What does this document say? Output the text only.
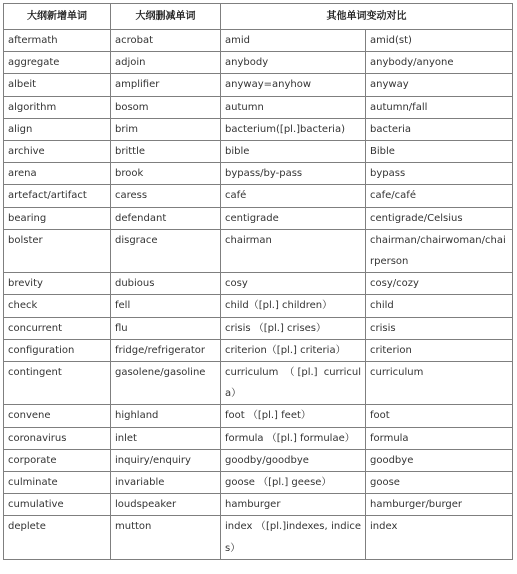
大纲新增单词	大纲删减单词	其他单词变动对比	
aftermath	acrobat	amid	amid(st)
aggregate	adjoin	anybody	anybody/anyone
albeit	amplifier	anyway=anyhow	anyway
algorithm	bosom	autumn	autumn/fall
align	brim	bacterium([pl.]bacteria)	bacteria
archive	brittle	bible	Bible
arena	brook	bypass/by-pass	bypass
artefact/artifact	caress	café	cafe/café
bearing	defendant	centigrade	centigrade/Celsius
bolster	disgrace	chairman	chairman/chairwoman/chairperson
brevity	dubious	cosy	cosy/cozy
check	fell	child（[pl.] children）	child
concurrent	flu	crisis （[pl.] crises）	crisis
configuration	fridge/refrigerator	criterion（[pl.] criteria）	criterion
contingent	gasolene/gasoline	curriculum （[pl.] curricula）	curriculum
convene	highland	foot （[pl.] feet）	foot
coronavirus	inlet	formula （[pl.] formulae）	formula
corporate	inquiry/enquiry	goodby/goodbye	goodbye
culminate	invariable	goose （[pl.] geese）	goose
cumulative	loudspeaker	hamburger	hamburger/burger
deplete	mutton	index （[pl.]indexes, indices）	index
